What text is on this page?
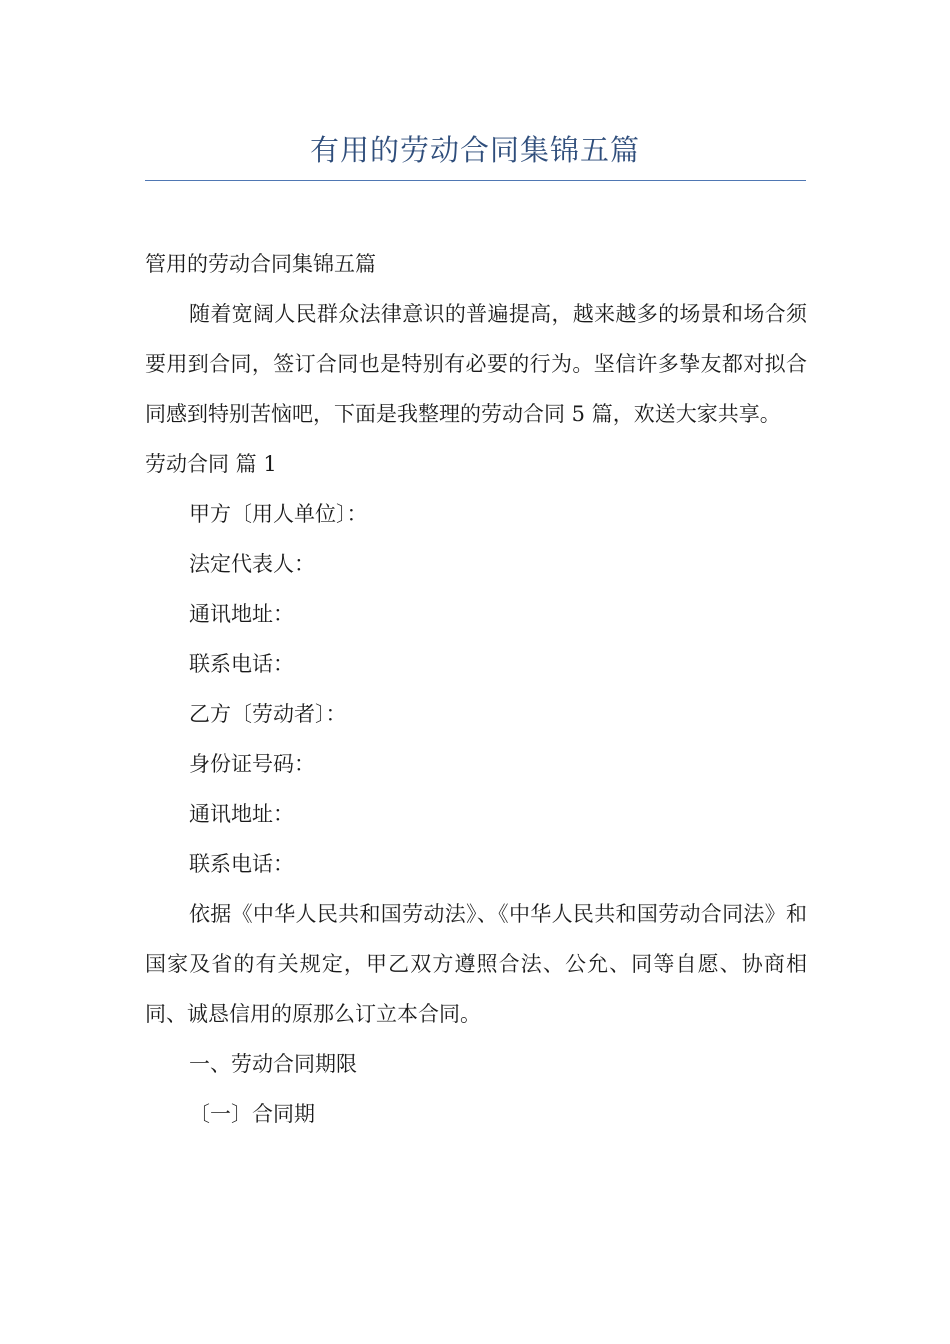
有用的劳动合同集锦五篇

管用的劳动合同集锦五篇

随着宽阔人民群众法律意识的普遍提高，越来越多的场景和场合须要用到合同，签订合同也是特别有必要的行为。坚信许多挚友都对拟合同感到特别苦恼吧，下面是我整理的劳动合同 5 篇，欢送大家共享。

劳动合同 篇 1

甲方〔用人单位〕：

法定代表人：

通讯地址：

联系电话：

乙方〔劳动者〕：

身份证号码：

通讯地址：

联系电话：

依据《中华人民共和国劳动法》、《中华人民共和国劳动合同法》和国家及省的有关规定，甲乙双方遵照合法、公允、同等自愿、协商相同、诚恳信用的原那么订立本合同。

一、劳动合同期限

〔一〕合同期
